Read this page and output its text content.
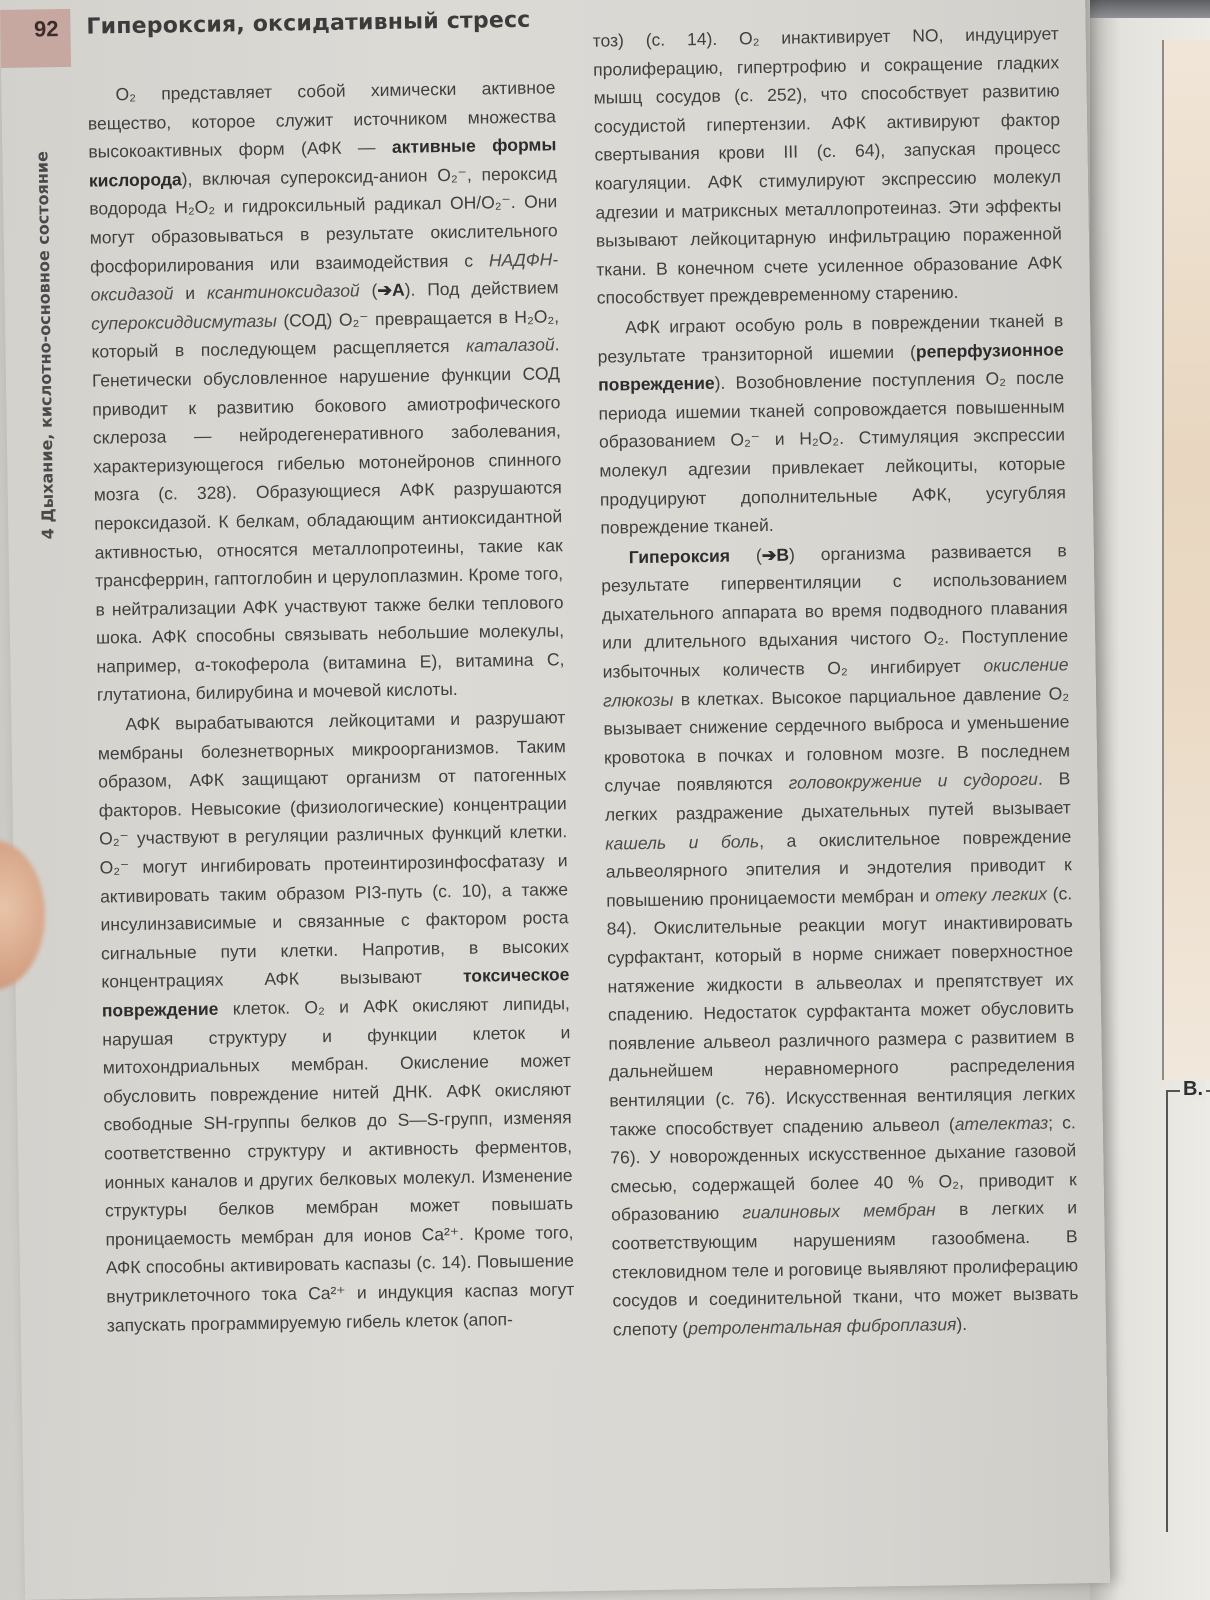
В.
92	Гипероксия, оксидативный стресс
4 Дыхание, кислотно-основное состояние

O₂ представляет собой химически активное вещество, которое служит источником множества высокоактивных форм (АФК — активные формы кислорода), включая супероксид-анион O₂⁻, пероксид водорода H₂O₂ и гидроксильный радикал OH/O₂⁻. Они могут образовываться в результате окислительного фосфорилирования или взаимодействия с НАДФН-оксидазой и ксантиноксидазой (➔A). Под действием супероксиддисмутазы (СОД) O₂⁻ превращается в H₂O₂, который в последующем расщепляется каталазой. Генетически обусловленное нарушение функции СОД приводит к развитию бокового амиотрофического склероза — нейродегенеративного заболевания, характеризующегося гибелью мотонейронов спинного мозга (с. 328). Образующиеся АФК разрушаются пероксидазой. К белкам, обладающим антиоксидантной активностью, относятся металлопротеины, такие как трансферрин, гаптоглобин и церулоплазмин. Кроме того, в нейтрализации АФК участвуют также белки теплового шока. АФК способны связывать небольшие молекулы, например, α-токоферола (витамина E), витамина C, глутатиона, билирубина и мочевой кислоты.

АФК вырабатываются лейкоцитами и разрушают мембраны болезнетворных микроорганизмов. Таким образом, АФК защищают организм от патогенных факторов. Невысокие (физиологические) концентрации O₂⁻ участвуют в регуляции различных функций клетки. O₂⁻ могут ингибировать протеинтирозинфосфатазу и активировать таким образом PI3-путь (с. 10), а также инсулинзависимые и связанные с фактором роста сигнальные пути клетки. Напротив, в высоких концентрациях АФК вызывают токсическое повреждение клеток. O₂ и АФК окисляют липиды, нарушая структуру и функции клеток и митохондриальных мембран. Окисление может обусловить повреждение нитей ДНК. АФК окисляют свободные SH-группы белков до S—S-групп, изменяя соответственно структуру и активность ферментов, ионных каналов и других белковых молекул. Изменение структуры белков мембран может повышать проницаемость мембран для ионов Ca²⁺. Кроме того, АФК способны активировать каспазы (с. 14). Повышение внутриклеточного тока Ca²⁺ и индукция каспаз могут запускать программируемую гибель клеток (апоп-

тоз) (с. 14). O₂ инактивирует NO, индуцирует пролиферацию, гипертрофию и сокращение гладких мышц сосудов (с. 252), что способствует развитию сосудистой гипертензии. АФК активируют фактор свертывания крови III (с. 64), запуская процесс коагуляции. АФК стимулируют экспрессию молекул адгезии и матриксных металлопротеиназ. Эти эффекты вызывают лейкоцитарную инфильтрацию пораженной ткани. В конечном счете усиленное образование АФК способствует преждевременному старению.

АФК играют особую роль в повреждении тканей в результате транзиторной ишемии (реперфузионное повреждение). Возобновление поступления O₂ после периода ишемии тканей сопровождается повышенным образованием O₂⁻ и H₂O₂. Стимуляция экспрессии молекул адгезии привлекает лейкоциты, которые продуцируют дополнительные АФК, усугубляя повреждение тканей.

Гипероксия (➔B) организма развивается в результате гипервентиляции с использованием дыхательного аппарата во время подводного плавания или длительного вдыхания чистого O₂. Поступление избыточных количеств O₂ ингибирует окисление глюкозы в клетках. Высокое парциальное давление O₂ вызывает снижение сердечного выброса и уменьшение кровотока в почках и головном мозге. В последнем случае появляются головокружение и судороги. В легких раздражение дыхательных путей вызывает кашель и боль, а окислительное повреждение альвеолярного эпителия и эндотелия приводит к повышению проницаемости мембран и отеку легких (с. 84). Окислительные реакции могут инактивировать сурфактант, который в норме снижает поверхностное натяжение жидкости в альвеолах и препятствует их спадению. Недостаток сурфактанта может обусловить появление альвеол различного размера с развитием в дальнейшем неравномерного распределения вентиляции (с. 76). Искусственная вентиляция легких также способствует спадению альвеол (ателектаз; с. 76). У новорожденных искусственное дыхание газовой смесью, содержащей более 40 % O₂, приводит к образованию гиалиновых мембран в легких и соответствующим нарушениям газообмена. В стекловидном теле и роговице выявляют пролиферацию сосудов и соединительной ткани, что может вызвать слепоту (ретролентальная фиброплазия).
